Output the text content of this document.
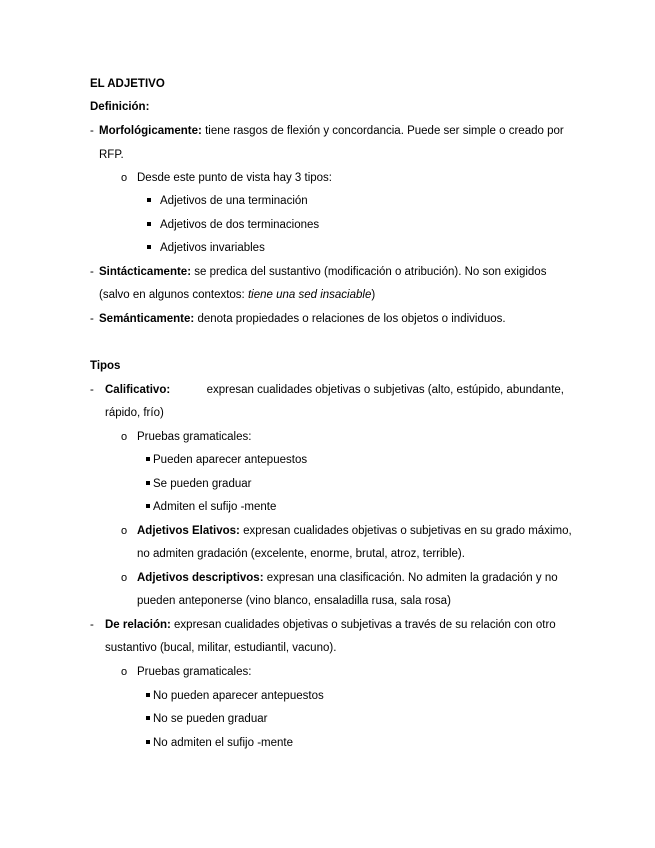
EL ADJETIVO
Definición:
- Morfológicamente: tiene rasgos de flexión y concordancia. Puede ser simple o creado por
RFP.
o Desde este punto de vista hay 3 tipos:
Adjetivos de una terminación
Adjetivos de dos terminaciones
Adjetivos invariables
- Sintácticamente: se predica del sustantivo (modificación o atribución). No son exigidos
(salvo en algunos contextos: tiene una sed insaciable)
- Semánticamente: denota propiedades o relaciones de los objetos o individuos.
Tipos
- Calificativo:	expresan cualidades objetivas o subjetivas (alto, estúpido, abundante,
rápido, frío)
o Pruebas gramaticales:
Pueden aparecer antepuestos
Se pueden graduar
Admiten el sufijo -mente
o Adjetivos Elativos: expresan cualidades objetivas o subjetivas en su grado máximo,
no admiten gradación (excelente, enorme, brutal, atroz, terrible).
o Adjetivos descriptivos: expresan una clasificación. No admiten la gradación y no
pueden anteponerse (vino blanco, ensaladilla rusa, sala rosa)
- De relación: expresan cualidades objetivas o subjetivas a través de su relación con otro
sustantivo (bucal, militar, estudiantil, vacuno).
o Pruebas gramaticales:
No pueden aparecer antepuestos
No se pueden graduar
No admiten el sufijo -mente
